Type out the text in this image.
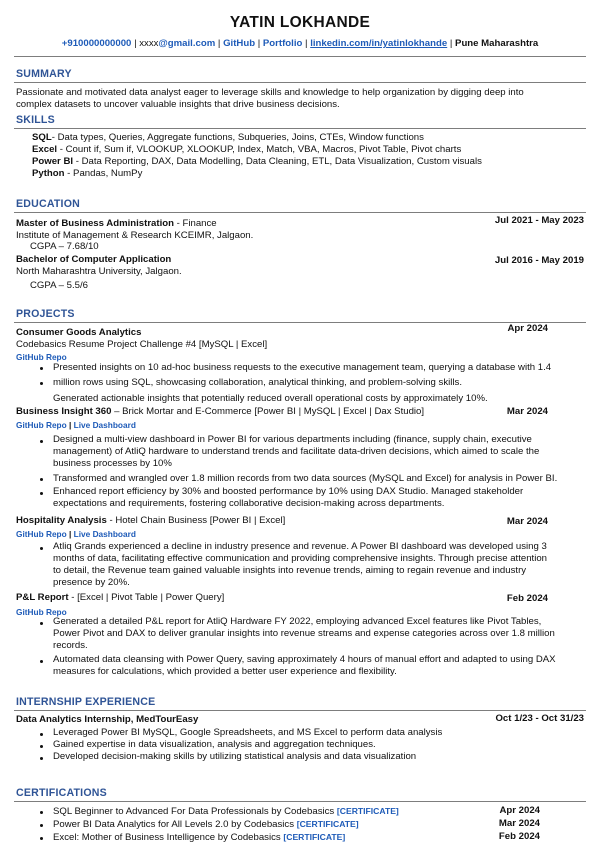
YATIN LOKHANDE
+910000000000 | xxxx@gmail.com | GitHub | Portfolio | linkedin.com/in/yatinlokhande | Pune Maharashtra
SUMMARY
Passionate and motivated data analyst eager to leverage skills and knowledge to help organization by digging deep into
complex datasets to uncover valuable insights that drive business decisions.
SKILLS
SQL- Data types, Queries, Aggregate functions, Subqueries, Joins, CTEs, Window functions
Excel - Count if, Sum if, VLOOKUP, XLOOKUP, Index, Match, VBA, Macros, Pivot Table, Pivot charts
Power BI - Data Reporting, DAX, Data Modelling, Data Cleaning, ETL, Data Visualization, Custom visuals
Python - Pandas, NumPy
EDUCATION
Master of Business Administration - Finance	Jul 2021 - May 2023
Institute of Management & Research KCEIMR, Jalgaon.
CGPA – 7.68/10
Bachelor of Computer Application	Jul 2016 - May 2019
North Maharashtra University, Jalgaon.
CGPA – 5.5/6
PROJECTS
Consumer Goods Analytics	Apr 2024
Codebasics Resume Project Challenge #4 [MySQL | Excel]
GitHub Repo
Presented insights on 10 ad-hoc business requests to the executive management team, querying a database with 1.4
million rows using SQL, showcasing collaboration, analytical thinking, and problem-solving skills.
Generated actionable insights that potentially reduced overall operational costs by approximately 10%.
Business Insight 360 – Brick Mortar and E-Commerce [Power BI | MySQL | Excel | Dax Studio]	Mar 2024
GitHub Repo | Live Dashboard
Designed a multi-view dashboard in Power BI for various departments including (finance, supply chain, executive
management) of AtliQ hardware to understand trends and facilitate data-driven decisions, which aimed to scale the
business processes by 10%
Transformed and wrangled over 1.8 million records from two data sources (MySQL and Excel) for analysis in Power BI.
Enhanced report efficiency by 30% and boosted performance by 10% using DAX Studio. Managed stakeholder
expectations and requirements, fostering collaborative decision-making across departments.
Hospitality Analysis - Hotel Chain Business [Power BI | Excel]	Mar 2024
GitHub Repo | Live Dashboard
Atliq Grands experienced a decline in industry presence and revenue. A Power BI dashboard was developed using 3
months of data, facilitating effective communication and providing comprehensive insights. Through precise attention
to detail, the Revenue team gained valuable insights into revenue trends, aiming to regain revenue and industry
presence by 20%.
P&L Report - [Excel | Pivot Table | Power Query]	Feb 2024
GitHub Repo
Generated a detailed P&L report for AtliQ Hardware FY 2022, employing advanced Excel features like Pivot Tables,
Power Pivot and DAX to deliver granular insights into revenue streams and expense categories across over 1.8 million
records.
Automated data cleansing with Power Query, saving approximately 4 hours of manual effort and adapted to using DAX
measures for calculations, which provided a better user experience and flexibility.
INTERNSHIP EXPERIENCE
Data Analytics Internship, MedTourEasy	Oct 1/23 - Oct 31/23
Leveraged Power BI MySQL, Google Spreadsheets, and MS Excel to perform data analysis
Gained expertise in data visualization, analysis and aggregation techniques.
Developed decision-making skills by utilizing statistical analysis and data visualization
CERTIFICATIONS
SQL Beginner to Advanced For Data Professionals by Codebasics [CERTIFICATE]	Apr 2024
Power BI Data Analytics for All Levels 2.0 by Codebasics [CERTIFICATE]	Mar 2024
Excel: Mother of Business Intelligence by Codebasics [CERTIFICATE]	Feb 2024
